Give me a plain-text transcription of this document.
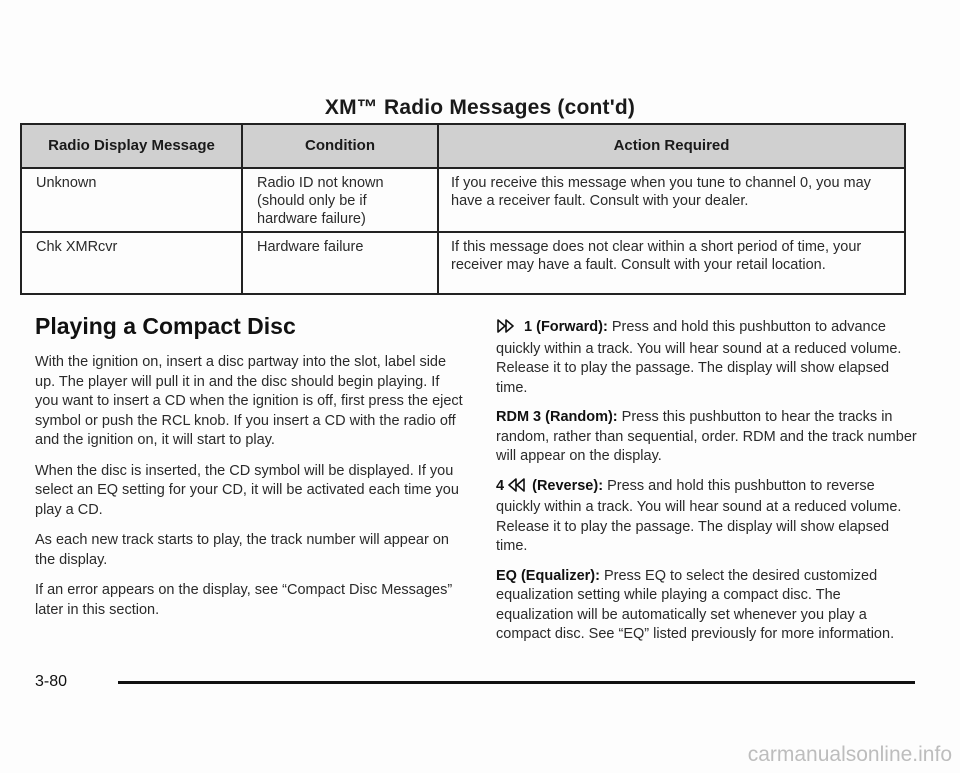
XM™ Radio Messages (cont'd)
Radio Display Message	Condition	Action Required
Unknown	Radio ID not known (should only be if hardware failure)	If you receive this message when you tune to channel 0, you may have a receiver fault. Consult with your dealer.
Chk XMRcvr	Hardware failure	If this message does not clear within a short period of time, your receiver may have a fault. Consult with your retail location.
Playing a Compact Disc

With the ignition on, insert a disc partway into the slot, label side up. The player will pull it in and the disc should begin playing. If you want to insert a CD when the ignition is off, first press the eject symbol or push the RCL knob. If you insert a CD with the radio off and the ignition on, it will start to play.

When the disc is inserted, the CD symbol will be displayed. If you select an EQ setting for your CD, it will be activated each time you play a CD.

As each new track starts to play, the track number will appear on the display.

If an error appears on the display, see “Compact Disc Messages” later in this section.

1 (Forward): Press and hold this pushbutton to advance quickly within a track. You will hear sound at a reduced volume. Release it to play the passage. The display will show elapsed time.

RDM 3 (Random): Press this pushbutton to hear the tracks in random, rather than sequential, order. RDM and the track number will appear on the display.

4 (Reverse): Press and hold this pushbutton to reverse quickly within a track. You will hear sound at a reduced volume. Release it to play the passage. The display will show elapsed time.

EQ (Equalizer): Press EQ to select the desired customized equalization setting while playing a compact disc. The equalization will be automatically set whenever you play a compact disc. See “EQ” listed previously for more information.

3-80
carmanualsonline.info
